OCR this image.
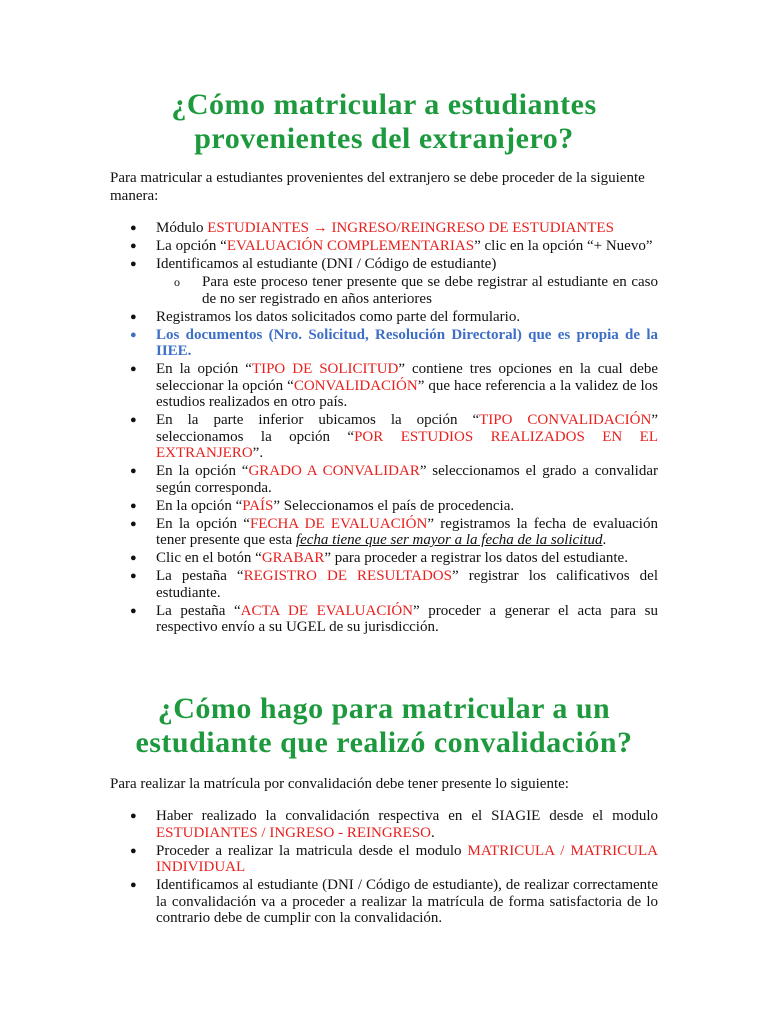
¿Cómo matricular a estudiantes provenientes del extranjero?

Para matricular a estudiantes provenientes del extranjero se debe proceder de la siguiente manera:

● Módulo ESTUDIANTES → INGRESO/REINGRESO DE ESTUDIANTES
● La opción “EVALUACIÓN COMPLEMENTARIAS” clic en la opción “+ Nuevo”
● Identificamos al estudiante (DNI / Código de estudiante)
o Para este proceso tener presente que se debe registrar al estudiante en caso de no ser registrado en años anteriores
● Registramos los datos solicitados como parte del formulario.
● Los documentos (Nro. Solicitud, Resolución Directoral) que es propia de la IIEE.
● En la opción “TIPO DE SOLICITUD” contiene tres opciones en la cual debe seleccionar la opción “CONVALIDACIÓN” que hace referencia a la validez de los estudios realizados en otro país.
● En la parte inferior ubicamos la opción “TIPO CONVALIDACIÓN” seleccionamos la opción “POR ESTUDIOS REALIZADOS EN EL EXTRANJERO”.
● En la opción “GRADO A CONVALIDAR” seleccionamos el grado a convalidar según corresponda.
● En la opción “PAÍS” Seleccionamos el país de procedencia.
● En la opción “FECHA DE EVALUACIÓN” registramos la fecha de evaluación tener presente que esta fecha tiene que ser mayor a la fecha de la solicitud.
● Clic en el botón “GRABAR” para proceder a registrar los datos del estudiante.
● La pestaña “REGISTRO DE RESULTADOS” registrar los calificativos del estudiante.
● La pestaña “ACTA DE EVALUACIÓN” proceder a generar el acta para su respectivo envío a su UGEL de su jurisdicción.
¿Cómo hago para matricular a un estudiante que realizó convalidación?

Para realizar la matrícula por convalidación debe tener presente lo siguiente:

● Haber realizado la convalidación respectiva en el SIAGIE desde el modulo ESTUDIANTES / INGRESO - REINGRESO.
● Proceder a realizar la matricula desde el modulo MATRICULA / MATRICULA INDIVIDUAL
● Identificamos al estudiante (DNI / Código de estudiante), de realizar correctamente la convalidación va a proceder a realizar la matrícula de forma satisfactoria de lo contrario debe de cumplir con la convalidación.
